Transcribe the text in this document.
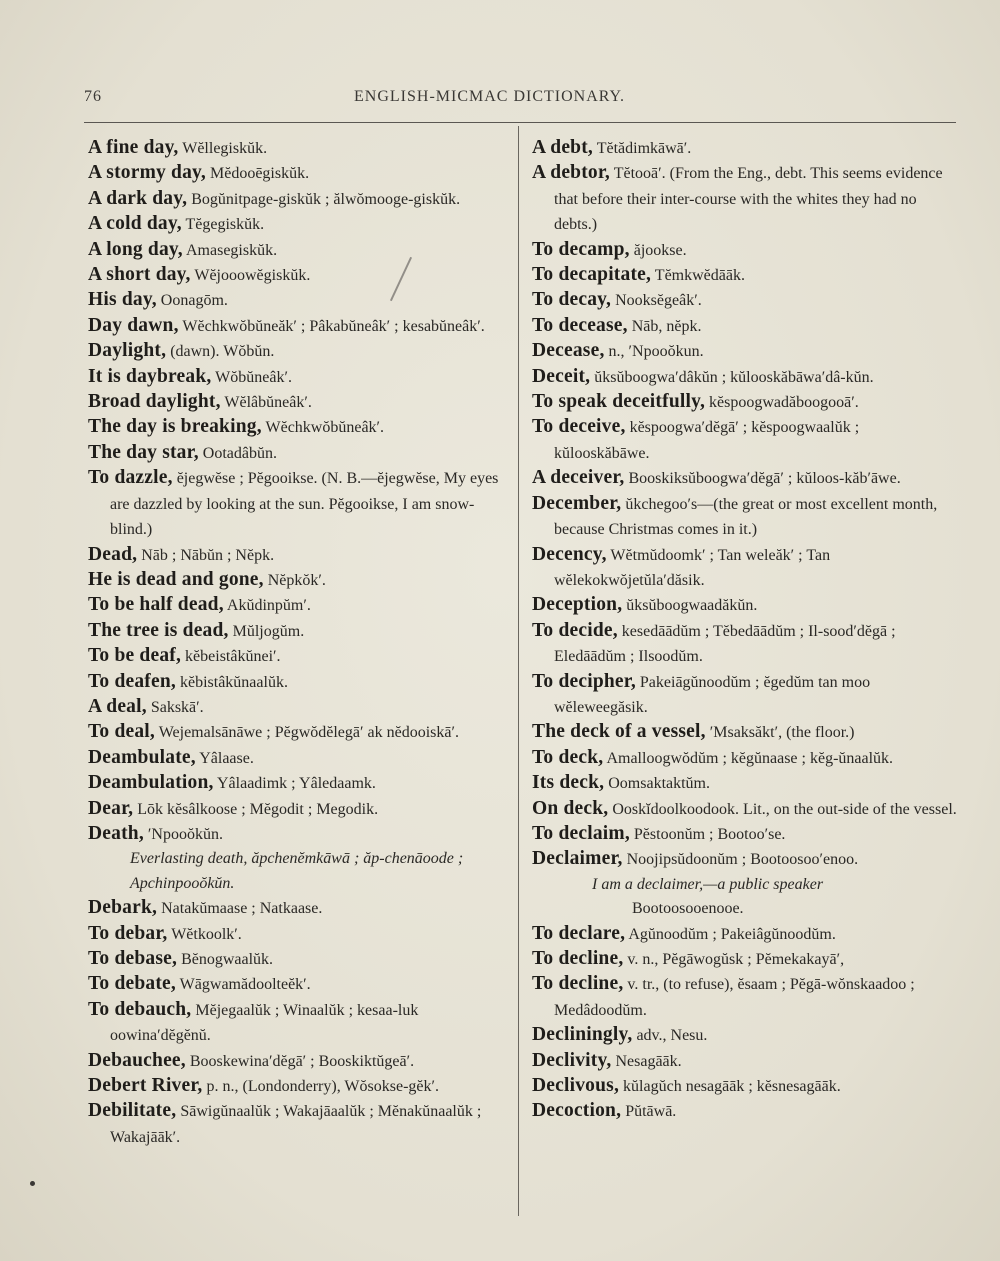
76	ENGLISH-MICMAC DICTIONARY.

A fine day, Wĕllegiskŭk.

A stormy day, Mĕdooēgiskŭk.

A dark day, Bogŭnitpage-giskŭk ; ălwŏmooge-giskŭk.

A cold day, Tĕgegiskŭk.

A long day, Amasegiskŭk.

A short day, Wĕjooowĕgiskŭk.

His day, Oonagōm.

Day dawn, Wĕchkwŏbŭneăk′ ; Pâkabŭneâk′ ; kesabŭneâk′.

Daylight, (dawn). Wŏbŭn.

It is daybreak, Wŏbŭneâk′.

Broad daylight, Wĕlâbŭneâk′.

The day is breaking, Wĕchkwŏbŭneâk′.

The day star, Ootadâbŭn.

To dazzle, ĕjegwĕse ; Pĕgooikse. (N. B.—ĕjegwĕse, My eyes are dazzled by looking at the sun. Pĕgooikse, I am snow-blind.)

Dead, Nāb ; Nābŭn ; Nĕpk.

He is dead and gone, Nĕpkŏk′.

To be half dead, Akŭdinpŭm′.

The tree is dead, Mŭljogŭm.

To be deaf, kĕbeistâkŭnei′.

To deafen, kĕbistâkŭnaalŭk.

A deal, Sakskā′.

To deal, Wejemalsānāwe ; Pĕgwŏdĕlegā′ ak nĕdooiskā′.

Deambulate, Yâlaase.

Deambulation, Yâlaadimk ; Yâledaamk.

Dear, Lōk kĕsâlkoose ; Mĕgodit ; Megodik.

Death, ′Npooŏkŭn.

Everlasting death, ăpchenĕmkāwā ; ăp-chenāoode ; Apchinpooŏkŭn.

Debark, Natakŭmaase ; Natkaase.

To debar, Wĕtkoolk′.

To debase, Bĕnogwaalŭk.

To debate, Wāgwamădoolteĕk′.

To debauch, Mĕjegaalŭk ; Winaalŭk ; kesaa-luk oowina′dĕgĕnŭ.

Debauchee, Booskewina′dĕgā′ ; Booskiktŭgeā′.

Debert River, p. n., (Londonderry), Wŏsokse-gĕk′.

Debilitate, Sāwigŭnaalŭk ; Wakajāaalŭk ; Mĕnakŭnaalŭk ; Wakajāāk′.

A debt, Tĕtădimkāwā′.

A debtor, Tĕtooā′. (From the Eng., debt. This seems evidence that before their inter-course with the whites they had no debts.)

To decamp, ăjookse.

To decapitate, Tĕmkwĕdāāk.

To decay, Nooksĕgeâk′.

To decease, Nāb, nĕpk.

Decease, n., ′Npooŏkun.

Deceit, ŭksŭboogwa′dâkŭn ; kŭlooskăbāwa′dâ-kŭn.

To speak deceitfully, kĕspoogwadăboogooā′.

To deceive, kĕspoogwa′dĕgā′ ; kĕspoogwaalŭk ; kŭlooskăbāwe.

A deceiver, Booskiksŭboogwa′dĕgā′ ; kŭloos-kăb′āwe.

December, ŭkchegoo′s—(the great or most excellent month, because Christmas comes in it.)

Decency, Wĕtmŭdoomk′ ; Tan weleăk′ ; Tan wĕlekokwŏjetŭla′dăsik.

Deception, ŭksŭboogwaadăkŭn.

To decide, kesedāādŭm ; Tĕbedāādŭm ; Il-sood′dĕgā ; Eledāādŭm ; Ilsoodŭm.

To decipher, Pakeiāgŭnoodŭm ; ĕgedŭm tan moo wĕleweegăsik.

The deck of a vessel, ′Msaksăkt′, (the floor.)

To deck, Amalloogwŏdŭm ; kĕgŭnaase ; kĕg-ŭnaalŭk.

Its deck, Oomsaktaktŭm.

On deck, Ooskĭdoolkoodook. Lit., on the out-side of the vessel.

To declaim, Pĕstoonŭm ; Bootoo′se.

Declaimer, Noojipsŭdoonŭm ; Bootoosoo′enoo.

I am a declaimer,—a public speaker

Bootoosooenooe.

To declare, Agŭnoodŭm ; Pakeiâgŭnoodŭm.

To decline, v. n., Pĕgāwogŭsk ; Pĕmekakayā′,

To decline, v. tr., (to refuse), ĕsaam ; Pĕgā-wŏnskaadoo ; Medâdoodŭm.

Decliningly, adv., Nesu.

Declivity, Nesagāāk.

Declivous, kŭlagŭch nesagāāk ; kĕsnesagāāk.

Decoction, Pŭtāwā.
